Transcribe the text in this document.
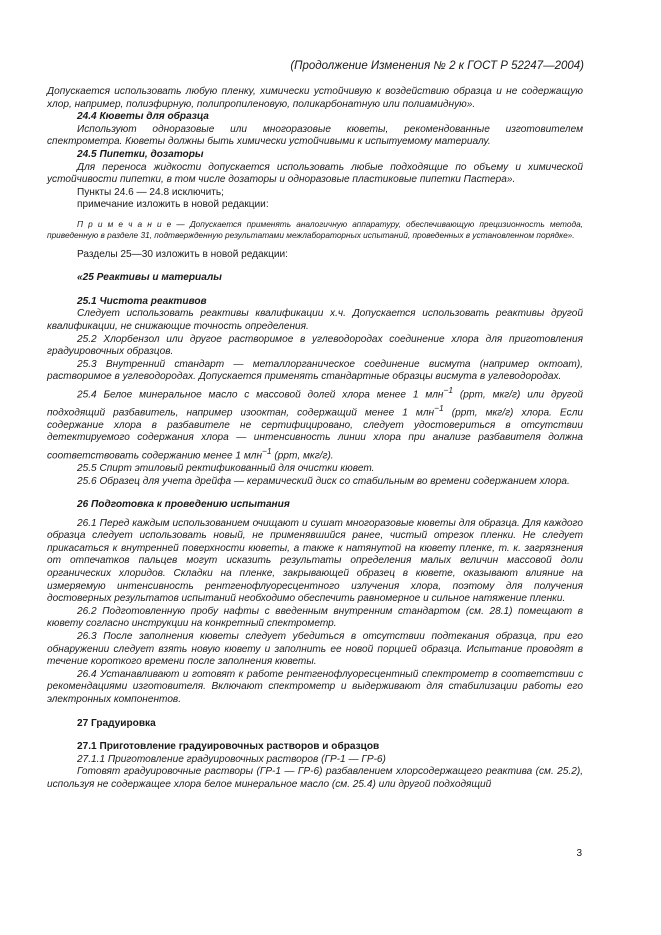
(Продолжение Изменения № 2 к ГОСТ Р 52247—2004)

Допускается использовать любую пленку, химически устойчивую к воздействию образца и не содержащую хлор, например, полиэфирную, полипропиленовую, поликарбонатную или полиамидную».

24.4 Кюветы для образца

Используют одноразовые или многоразовые кюветы, рекомендованные изготовителем спектрометра. Кюветы должны быть химически устойчивыми к испытуемому материалу.

24.5 Пипетки, дозаторы

Для переноса жидкости допускается использовать любые подходящие по объему и химической устойчивости пипетки, в том числе дозаторы и одноразовые пластиковые пипетки Пастера».

Пункты 24.6 — 24.8 исключить;

примечание изложить в новой редакции:

П р и м е ч а н и е — Допускается применять аналогичную аппаратуру, обеспечивающую прецизионность метода, приведенную в разделе 31, подтвержденную результатами межлабораторных испытаний, проведенных в установленном порядке».

Разделы 25—30 изложить в новой редакции:

«25 Реактивы и материалы

25.1 Чистота реактивов

Следует использовать реактивы квалификации х.ч. Допускается использовать реактивы другой квалификации, не снижающие точность определения.

25.2 Хлорбензол или другое растворимое в углеводородах соединение хлора для приготовления градуировочных образцов.

25.3 Внутренний стандарт — металлорганическое соединение висмута (например октоат), растворимое в углеводородах. Допускается применять стандартные образцы висмута в углеводородах.

25.4 Белое минеральное масло с массовой долей хлора менее 1 млн$^{-1}$ (ppm, мкг/г) или другой подходящий разбавитель, например изооктан, содержащий менее 1 млн$^{-1}$ (ppm, мкг/г) хлора. Если содержание хлора в разбавителе не сертифицировано, следует удостовериться в отсутствии детектируемого содержания хлора — интенсивность линии хлора при анализе разбавителя должна соответствовать содержанию менее 1 млн$^{-1}$ (ppm, мкг/г).

25.5 Спирт этиловый ректификованный для очистки кювет.

25.6 Образец для учета дрейфа — керамический диск со стабильным во времени содержанием хлора.

26 Подготовка к проведению испытания

26.1 Перед каждым использованием очищают и сушат многоразовые кюветы для образца. Для каждого образца следует использовать новый, не применявшийся ранее, чистый отрезок пленки. Не следует прикасаться к внутренней поверхности кюветы, а также к натянутой на кювету пленке, т. к. загрязнения от отпечатков пальцев могут исказить результаты определения малых величин массовой доли органических хлоридов. Складки на пленке, закрывающей образец в кювете, оказывают влияние на измеряемую интенсивность рентгенофлуоресцентного излучения хлора, поэтому для получения достоверных результатов испытаний необходимо обеспечить равномерное и сильное натяжение пленки.

26.2 Подготовленную пробу нафты с введенным внутренним стандартом (см. 28.1) помещают в кювету согласно инструкции на конкретный спектрометр.

26.3 После заполнения кюветы следует убедиться в отсутствии подтекания образца, при его обнаружении следует взять новую кювету и заполнить ее новой порцией образца. Испытание проводят в течение короткого времени после заполнения кюветы.

26.4 Устанавливают и готовят к работе рентгенофлуоресцентный спектрометр в соответствии с рекомендациями изготовителя. Включают спектрометр и выдерживают для стабилизации работы его электронных компонентов.

27 Градуировка

27.1 Приготовление градуировочных растворов и образцов

27.1.1 Приготовление градуировочных растворов (ГР-1 — ГР-6)

Готовят градуировочные растворы (ГР-1 — ГР-6) разбавлением хлорсодержащего реактива (см. 25.2), используя не содержащее хлора белое минеральное масло (см. 25.4) или другой подходящий

3
